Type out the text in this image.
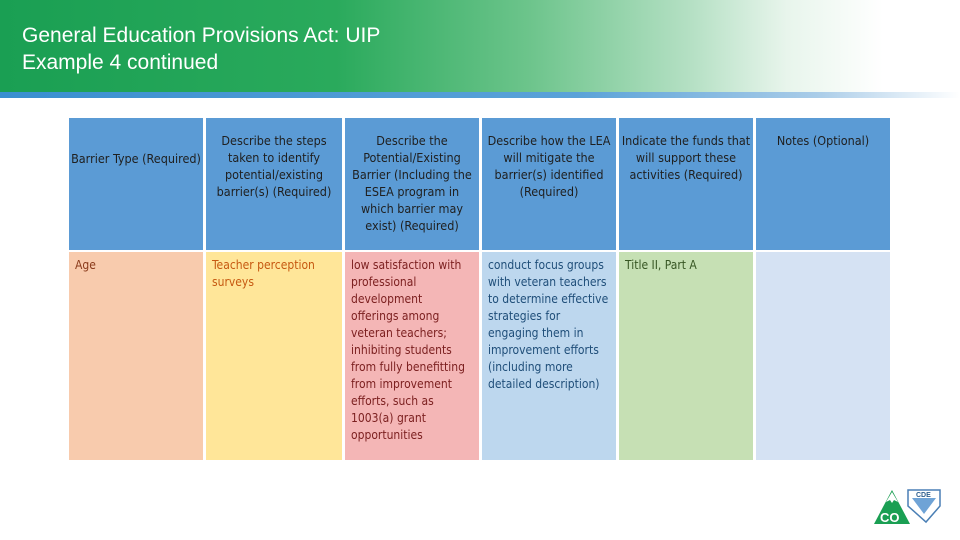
General Education Provisions Act: UIP
Example 4 continued
Barrier Type (Required)	Describe the steps taken to identify potential/existing barrier(s) (Required)	Describe the Potential/Existing Barrier (Including the ESEA program in which barrier may exist) (Required)	Describe how the LEA will mitigate the barrier(s) identified (Required)	Indicate the funds that will support these activities (Required)	Notes (Optional)
Age	Teacher perception surveys	low satisfaction with professional development offerings among veteran teachers; inhibiting students from fully benefitting from improvement efforts, such as 1003(a) grant opportunities	conduct focus groups with veteran teachers to determine effective strategies for engaging them in improvement efforts (including more detailed description)	Title II, Part A	
CO
CDE
